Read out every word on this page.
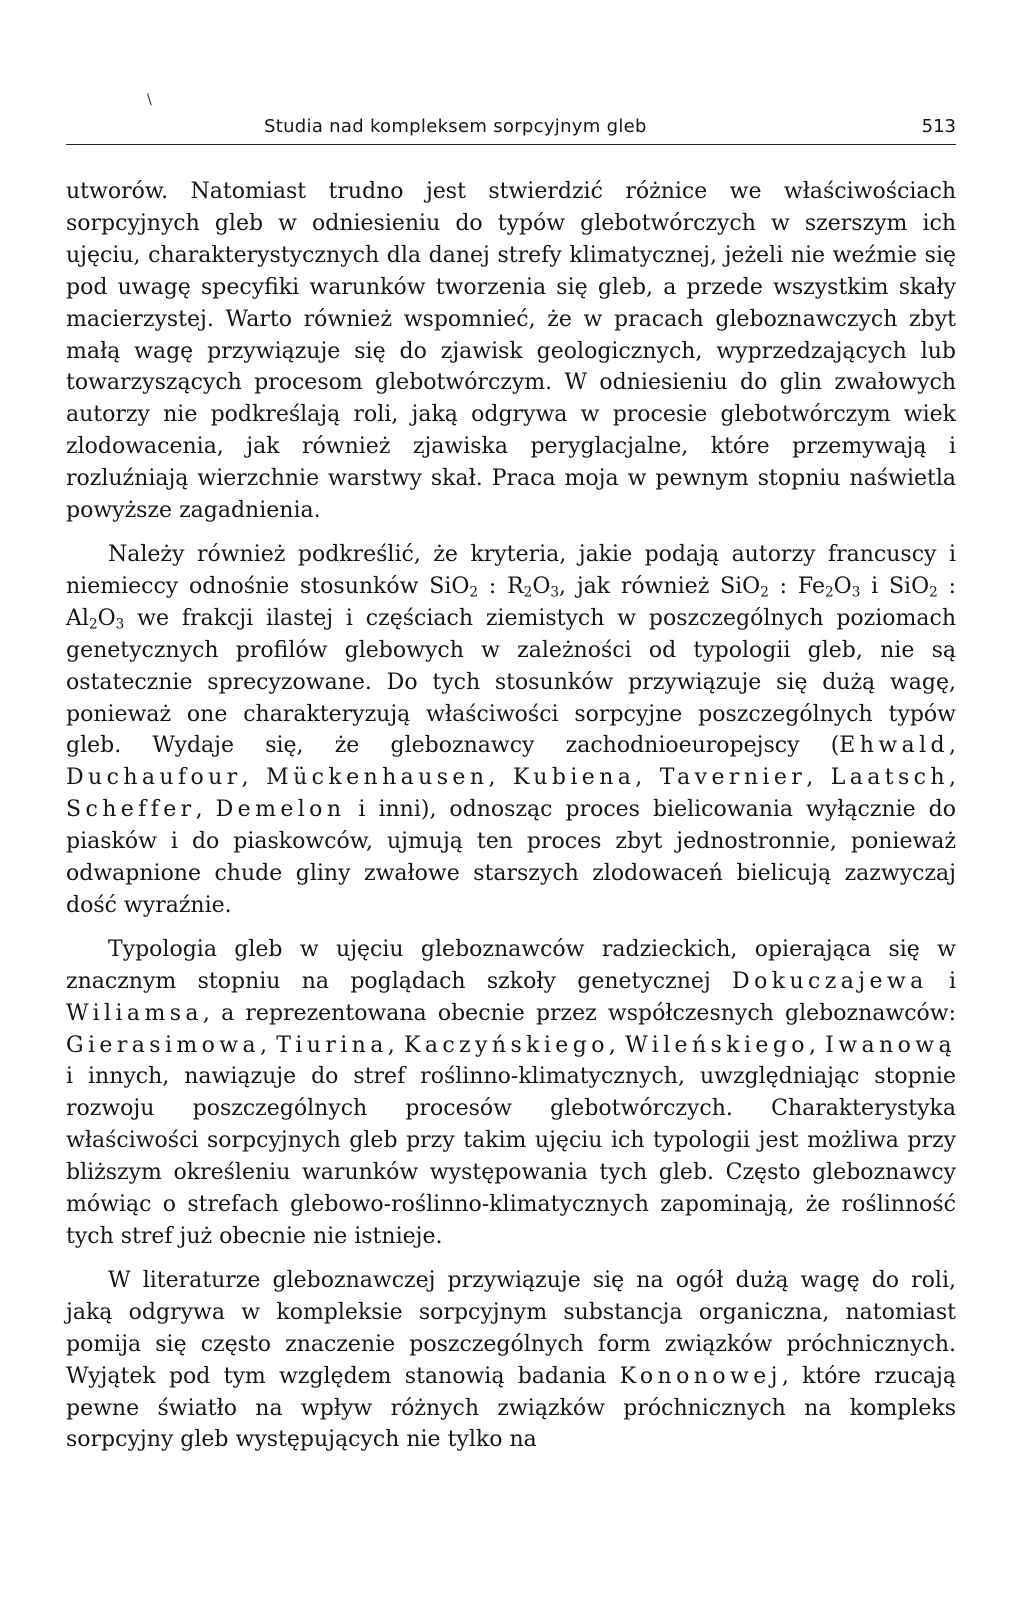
\
Studia nad kompleksem sorpcyjnym gleb	513

utworów. Natomiast trudno jest stwierdzić różnice we właściwościach sorpcyjnych gleb w odniesieniu do typów glebotwórczych w szerszym ich ujęciu, charakterystycznych dla danej strefy klimatycznej, jeżeli nie weźmie się pod uwagę specyfiki warunków tworzenia się gleb, a przede wszystkim skały macierzystej. Warto również wspomnieć, że w pracach gleboznawczych zbyt małą wagę przywiązuje się do zjawisk geologicznych, wyprzedzających lub towarzyszących procesom glebotwórczym. W odniesieniu do glin zwałowych autorzy nie podkreślają roli, jaką odgrywa w procesie glebotwórczym wiek zlodowacenia, jak również zjawiska peryglacjalne, które przemywają i rozluźniają wierzchnie warstwy skał. Praca moja w pewnym stopniu naświetla powyższe zagadnienia.

Należy również podkreślić, że kryteria, jakie podają autorzy francuscy i niemieccy odnośnie stosunków SiO$_2$ : $R_2O_3$, jak również SiO$_2$ : $Fe_2O_3$ i SiO$_2$ : $Al_2O_3$ we frakcji ilastej i częściach ziemistych w poszczególnych poziomach genetycznych profilów glebowych w zależności od typologii gleb, nie są ostatecznie sprecyzowane. Do tych stosunków przywiązuje się dużą wagę, ponieważ one charakteryzują właściwości sorpcyjne poszczególnych typów gleb. Wydaje się, że gleboznawcy zachodnioeuropejscy (Ehwald, Duchaufour, Mückenhausen, Kubiena, Tavernier, Laatsch, Scheffer, Demelon i inni), odnosząc proces bielicowania wyłącznie do piasków i do piaskowców, ujmują ten proces zbyt jednostronnie, ponieważ odwapnione chude gliny zwałowe starszych zlodowaceń bielicują zazwyczaj dość wyraźnie.

Typologia gleb w ujęciu gleboznawców radzieckich, opierająca się w znacznym stopniu na poglądach szkoły genetycznej Dokuczajewa i Wiliamsa, a reprezentowana obecnie przez współczesnych gleboznawców: Gierasimowa, Tiurina, Kaczyńskiego, Wileńskiego, Iwanową i innych, nawiązuje do stref roślinno-klimatycznych, uwzględniając stopnie rozwoju poszczególnych procesów glebotwórczych. Charakterystyka właściwości sorpcyjnych gleb przy takim ujęciu ich typologii jest możliwa przy bliższym określeniu warunków występowania tych gleb. Często gleboznawcy mówiąc o strefach glebowo-roślinno-klimatycznych zapominają, że roślinność tych stref już obecnie nie istnieje.

W literaturze gleboznawczej przywiązuje się na ogół dużą wagę do roli, jaką odgrywa w kompleksie sorpcyjnym substancja organiczna, natomiast pomija się często znaczenie poszczególnych form związków próchnicznych. Wyjątek pod tym względem stanowią badania Kononowej, które rzucają pewne światło na wpływ różnych związków próchnicznych na kompleks sorpcyjny gleb występujących nie tylko na
